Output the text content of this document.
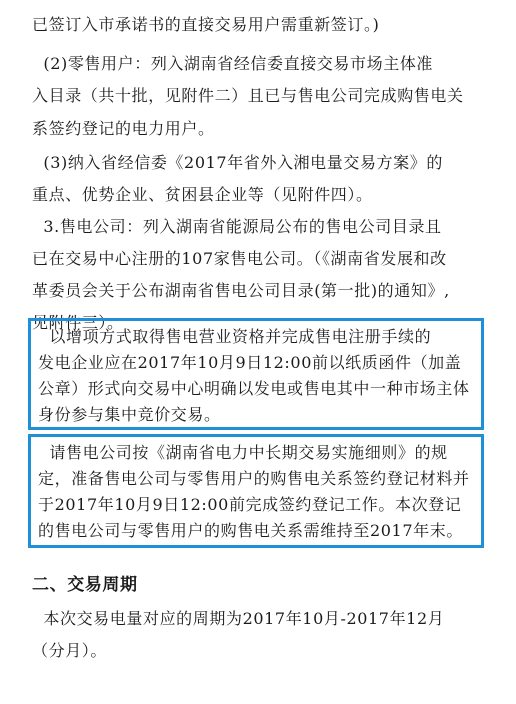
已签订入市承诺书的直接交易用户需重新签订。)
(2)零售用户：列入湖南省经信委直接交易市场主体准
入目录（共十批，见附件二）且已与售电公司完成购售电关
系签约登记的电力用户。
(3)纳入省经信委《2017年省外入湘电量交易方案》的
重点、优势企业、贫困县企业等（见附件四）。
3.售电公司：列入湖南省能源局公布的售电公司目录且
已在交易中心注册的107家售电公司。（《湖南省发展和改
革委员会关于公布湖南省售电公司目录(第一批)的通知》,
见附件三）。
以增项方式取得售电营业资格并完成售电注册手续的
发电企业应在2017年10月9日12:00前以纸质函件（加盖
公章）形式向交易中心明确以发电或售电其中一种市场主体
身份参与集中竞价交易。
请售电公司按《湖南省电力中长期交易实施细则》的规
定，准备售电公司与零售用户的购售电关系签约登记材料并
于2017年10月9日12:00前完成签约登记工作。本次登记
的售电公司与零售用户的购售电关系需维持至2017年末。
二、交易周期
本次交易电量对应的周期为2017年10月-2017年12月
（分月）。
